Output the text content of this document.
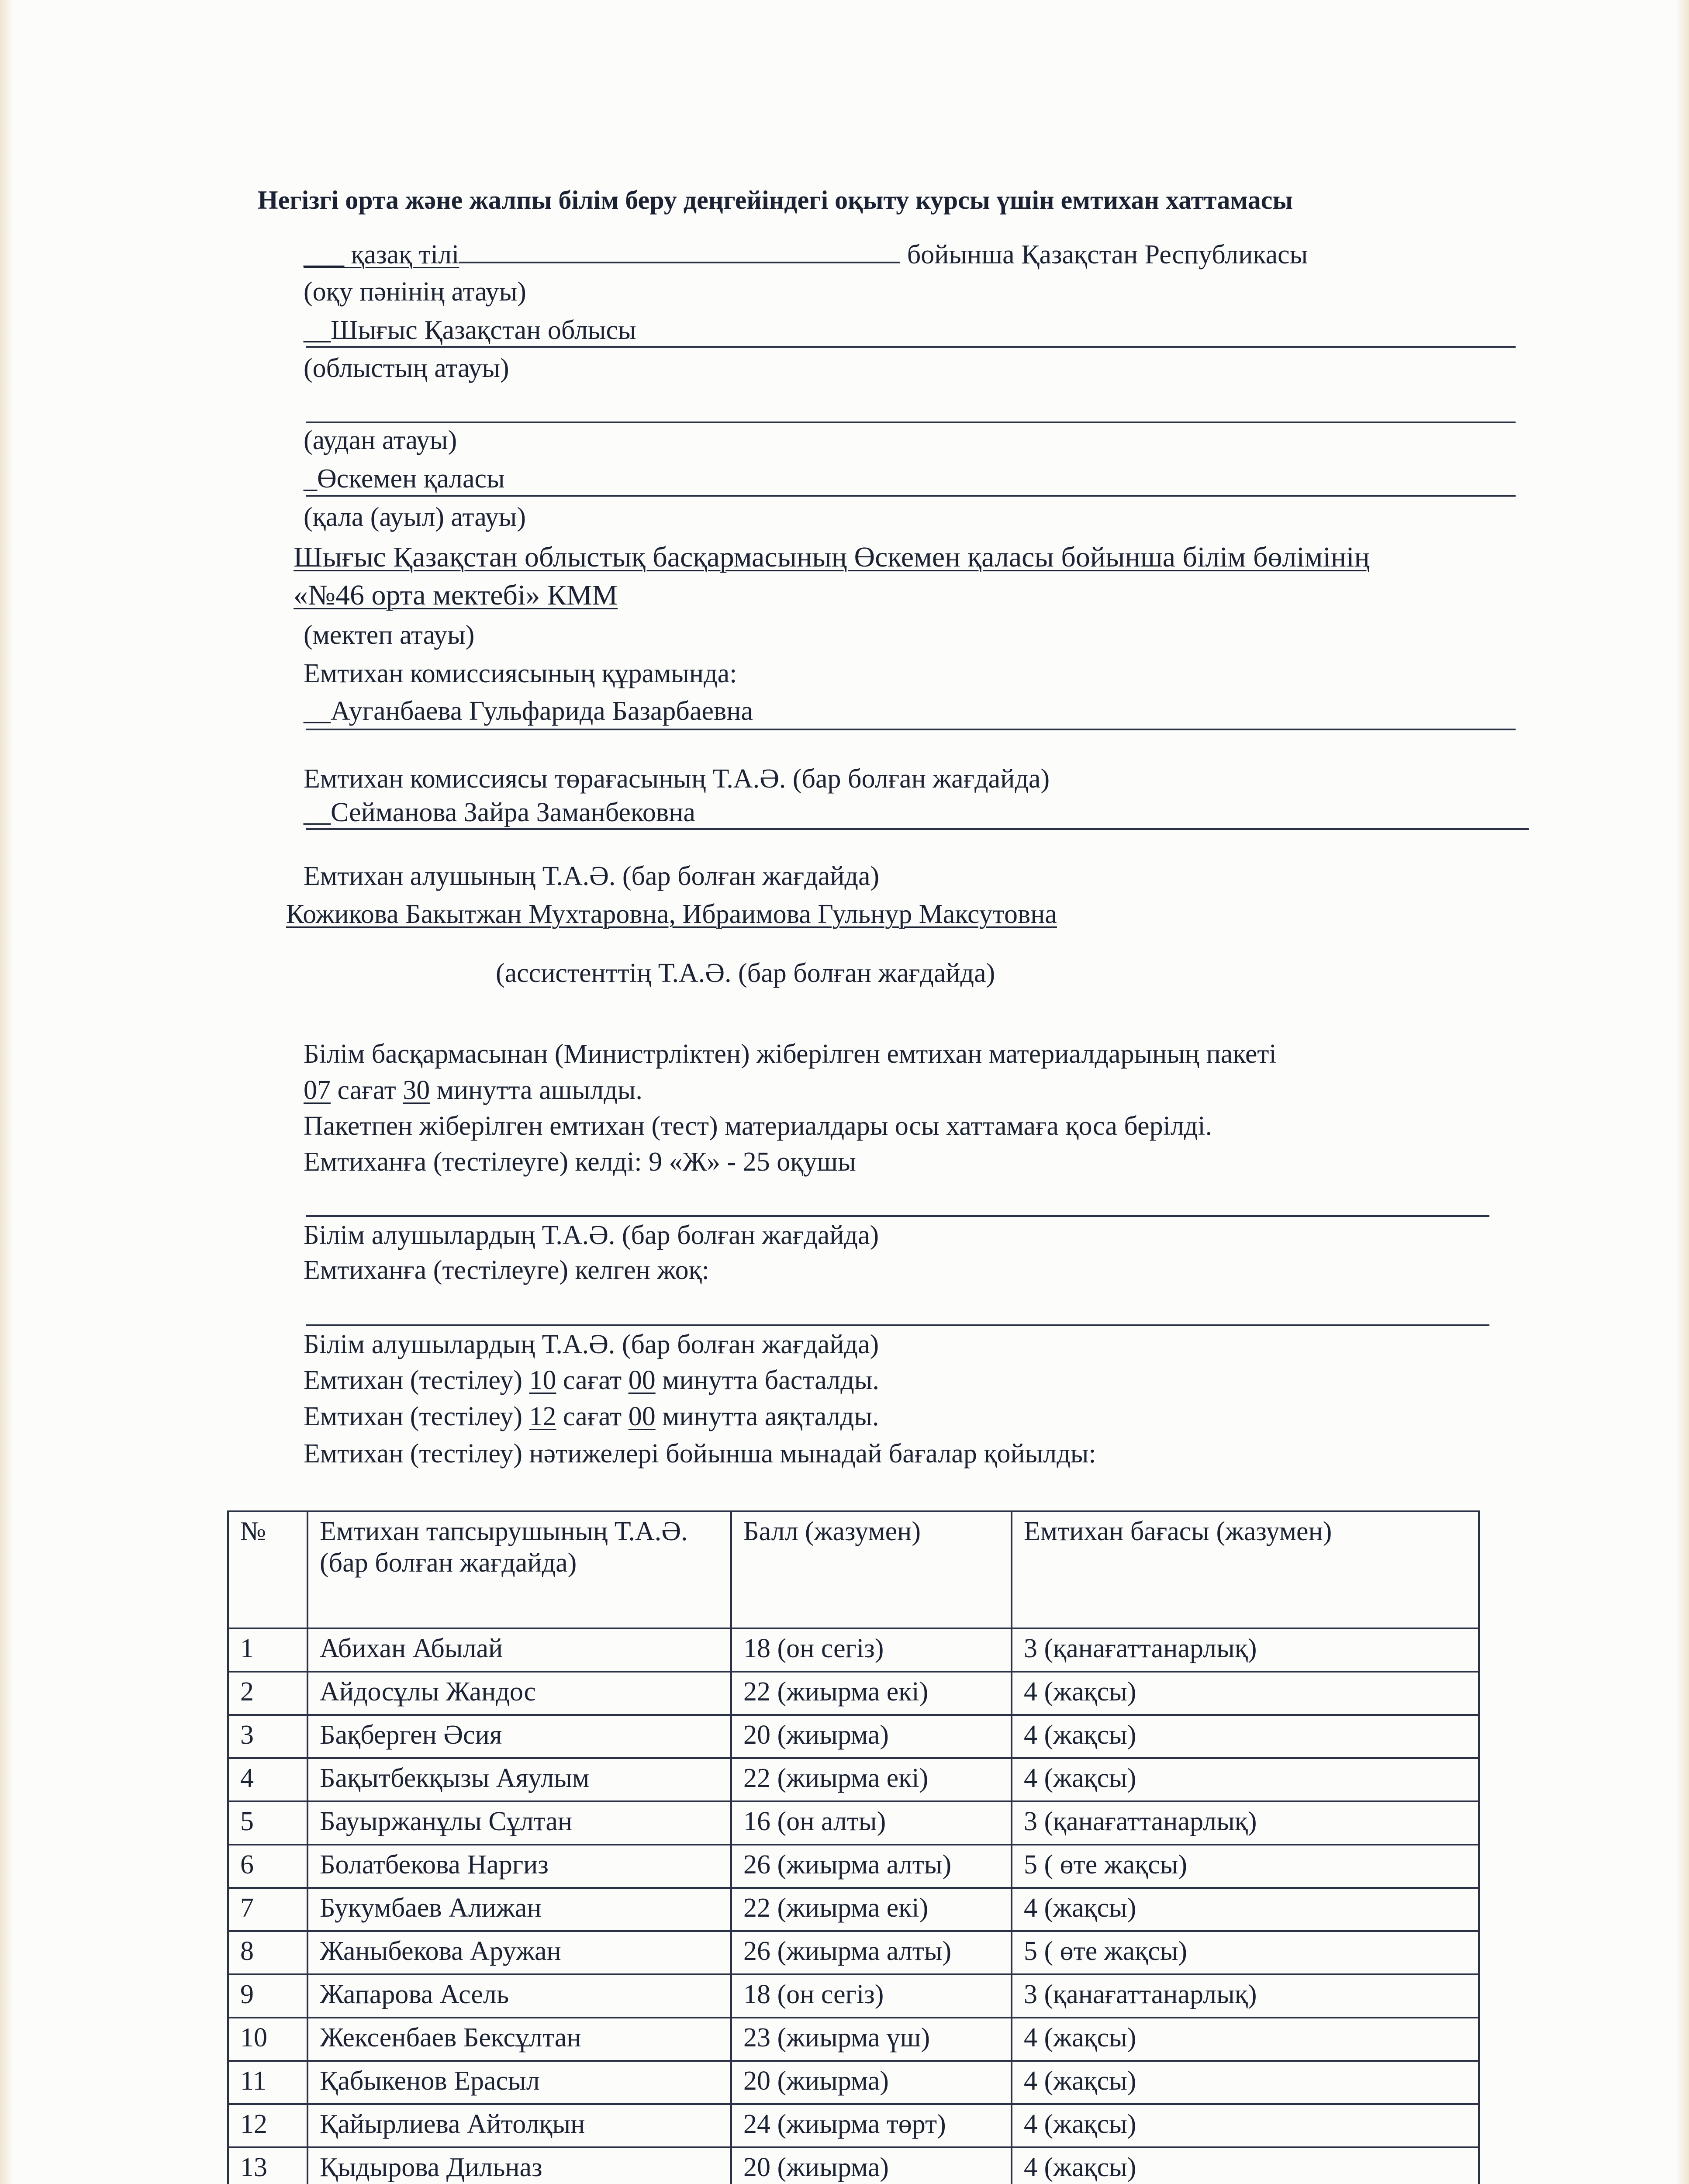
Негізгі орта және жалпы білім беру деңгейіндегі оқыту курсы үшін емтихан хаттамасы
___ қазақ тілі	бойынша Қазақстан Республикасы
(оқу пәнінің атауы)
__Шығыс Қазақстан облысы
(облыстың атауы)
(аудан атауы)
_Өскемен қаласы
(қала (ауыл) атауы)
Шығыс Қазақстан облыстық басқармасының Өскемен қаласы бойынша білім бөлімінің
«№46 орта мектебі» КММ
(мектеп атауы)
Емтихан комиссиясының құрамында:
__Ауганбаева Гульфарида Базарбаевна
Емтихан комиссиясы төрағасының Т.А.Ә. (бар болған жағдайда)
__Сейманова Зайра Заманбековна
Емтихан алушының Т.А.Ә. (бар болған жағдайда)
Кожикова Бакытжан Мухтаровна, Ибраимова Гульнур Максутовна
(ассистенттің Т.А.Ә. (бар болған жағдайда)
Білім басқармасынан (Министрліктен) жіберілген емтихан материалдарының пакеті
07 сағат 30 минутта ашылды.
Пакетпен жіберілген емтихан (тест) материалдары осы хаттамаға қоса берілді.
Емтиханға (тестілеуге) келді: 9 «Ж» - 25 оқушы
Білім алушылардың Т.А.Ә. (бар болған жағдайда)
Емтиханға (тестілеуге) келген жоқ:
Білім алушылардың Т.А.Ә. (бар болған жағдайда)
Емтихан (тестілеу) 10 сағат 00 минутта басталды.
Емтихан (тестілеу) 12 сағат 00 минутта аяқталды.
Емтихан (тестілеу) нәтижелері бойынша мынадай бағалар қойылды:
№	Емтихан тапсырушының Т.А.Ә. (бар болған жағдайда)	Балл (жазумен)	Емтихан бағасы (жазумен)
1	Абихан Абылай	18 (он сегіз)	3 (қанағаттанарлық)
2	Айдосұлы Жандос	22 (жиырма екі)	4 (жақсы)
3	Бақберген Әсия	20 (жиырма)	4 (жақсы)
4	Бақытбекқызы Аяулым	22 (жиырма екі)	4 (жақсы)
5	Бауыржанұлы Сұлтан	16 (он алты)	3 (қанағаттанарлық)
6	Болатбекова Наргиз	26 (жиырма алты)	5 ( өте жақсы)
7	Букумбаев Алижан	22 (жиырма екі)	4 (жақсы)
8	Жаныбекова Аружан	26 (жиырма алты)	5 ( өте жақсы)
9	Жапарова Асель	18 (он сегіз)	3 (қанағаттанарлық)
10	Жексенбаев Бексұлтан	23 (жиырма үш)	4 (жақсы)
11	Қабыкенов Ерасыл	20 (жиырма)	4 (жақсы)
12	Қайырлиева Айтолқын	24 (жиырма төрт)	4 (жақсы)
13	Қыдырова Дильназ	20 (жиырма)	4 (жақсы)
